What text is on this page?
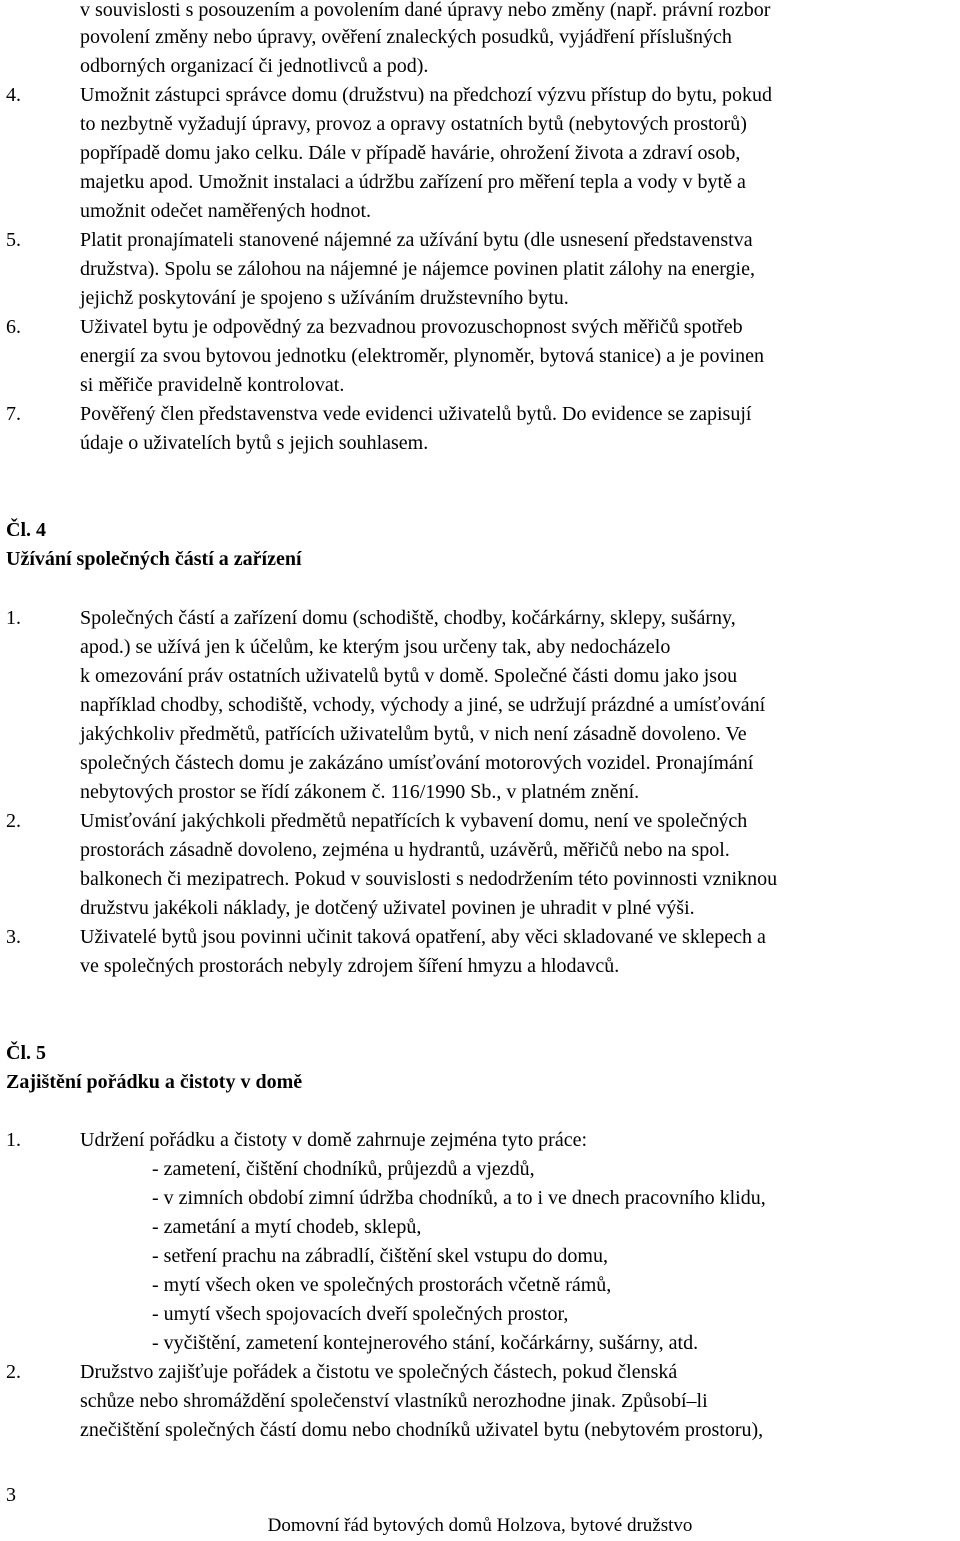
v souvislosti s posouzením a povolením dané úpravy nebo změny (např. právní rozbor
povolení změny nebo úpravy, ověření znaleckých posudků, vyjádření příslušných
odborných organizací či jednotlivců a pod).
4.	Umožnit zástupci správce domu (družstvu) na předchozí výzvu přístup do bytu, pokud
to nezbytně vyžadují úpravy, provoz a opravy ostatních bytů (nebytových prostorů)
popřípadě domu jako celku. Dále v případě havárie, ohrožení života a zdraví osob,
majetku apod. Umožnit instalaci a údržbu zařízení pro měření tepla a vody v bytě a
umožnit odečet naměřených hodnot.
5.	Platit pronajímateli stanovené nájemné za užívání bytu (dle usnesení představenstva
družstva). Spolu se zálohou na nájemné je nájemce povinen platit zálohy na energie,
jejichž poskytování je spojeno s užíváním družstevního bytu.
6.	Uživatel bytu je odpovědný za bezvadnou provozuschopnost svých měřičů spotřeb
energií za svou bytovou jednotku (elektroměr, plynoměr, bytová stanice) a je povinen
si měřiče pravidelně kontrolovat.
7.	Pověřený člen představenstva vede evidenci uživatelů bytů. Do evidence se zapisují
údaje o uživatelích bytů s jejich souhlasem.
Čl. 4
Užívání společných částí a zařízení
1.	Společných částí a zařízení domu (schodiště, chodby, kočárkárny, sklepy, sušárny,
apod.) se užívá jen k účelům, ke kterým jsou určeny tak, aby nedocházelo
k omezování práv ostatních uživatelů bytů v domě. Společné části domu jako jsou
například chodby, schodiště, vchody, východy a jiné, se udržují prázdné a umísťování
jakýchkoliv předmětů, patřících uživatelům bytů, v nich není zásadně dovoleno. Ve
společných částech domu je zakázáno umísťování motorových vozidel. Pronajímání
nebytových prostor se řídí zákonem č. 116/1990 Sb., v platném znění.
2.	Umisťování jakýchkoli předmětů nepatřících k vybavení domu, není ve společných
prostorách zásadně dovoleno, zejména u hydrantů, uzávěrů, měřičů nebo na spol.
balkonech či mezipatrech. Pokud v souvislosti s nedodržením této povinnosti vzniknou
družstvu jakékoli náklady, je dotčený uživatel povinen je uhradit v plné výši.
3.	Uživatelé bytů jsou povinni učinit taková opatření, aby věci skladované ve sklepech a
ve společných prostorách nebyly zdrojem šíření hmyzu a hlodavců.
Čl. 5
Zajištění pořádku a čistoty v domě
1.	Udržení pořádku a čistoty v domě zahrnuje zejména tyto práce:
- zametení, čištění chodníků, průjezdů a vjezdů,
- v zimních období zimní údržba chodníků, a to i ve dnech pracovního klidu,
- zametání a mytí chodeb, sklepů,
- setření prachu na zábradlí, čištění skel vstupu do domu,
- mytí všech oken ve společných prostorách včetně rámů,
- umytí všech spojovacích dveří společných prostor,
- vyčištění, zametení kontejnerového stání, kočárkárny, sušárny, atd.
2.	Družstvo zajišťuje pořádek a čistotu ve společných částech, pokud členská
schůze nebo shromáždění společenství vlastníků nerozhodne jinak. Způsobí–li
znečištění společných částí domu nebo chodníků uživatel bytu (nebytovém prostoru),
3
Domovní řád bytových domů Holzova, bytové družstvo
